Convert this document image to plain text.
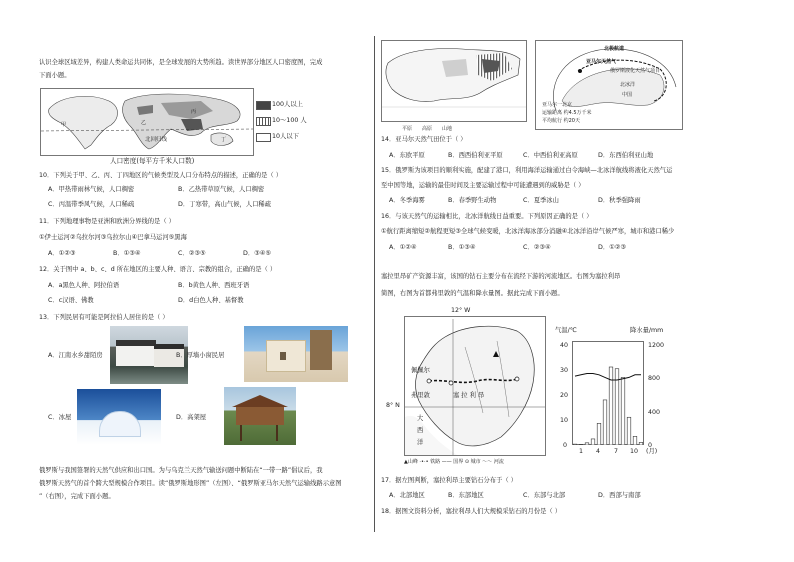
认识全球区域差异，构建人类命运共同体，是全球发展的大势所趋。读世界部分地区人口密度图，完成
下面小题。
甲	乙
丙
丁
北回归线
100人以上
10～100 人
10人以下
人口密度(每平方千米人口数)
10．下列关于甲、乙、丙、丁四地区的气候类型及人口分布特点的描述，正确的是（ ）
A．甲热带雨林气候，人口稠密	B．乙热带草原气候，人口稠密
C．丙温带季风气候，人口稀疏	D．丁寒带，高山气候，人口稀疏
11．下列地理事物是亚洲和欧洲分界线的是（ ）
①伊士运河②乌拉尔河③乌拉尔山④巴拿马运河⑤黑海
A．①②③	B．①③④	C．②③⑤	D．③④⑤
12．关于图中 a、b、c、d 所在地区的主要人种、语言、宗教的组合，正确的是（ ）
A．a黑色人种、阿拉伯语	B．b黄色人种、西班牙语
C．c汉语、佛教	D．d白色人种、基督教
13．下列民居有可能是阿拉伯人居住的是（ ）
A．江南水乡甜陌房	B．厚墙小窗民居
C．冰屋	D．高架屋
俄罗斯与我国签署的天然气供应和出口国。为与乌克兰天然气输送问题中断陆在“一带一路”倡议后，我
俄罗斯天然气的首个跨大型规模合作项目。读“俄罗斯地形图”（左图）、“俄罗斯亚马尔天然气运输线路示意图
”（右图），完成下面小题。
平原 高原 山地
北极航道
亚马尔天然气
俄罗斯液化天然气项目
北冰洋
中国
亚马尔一北京
运输距离 约4.5万千米
平均航行 约20天
14．亚马尔天然气田位于（ ）
A．东欧平原	B．西西伯利亚平原	C．中西伯利亚高原	D．东西伯利亚山地
15．俄罗斯为该项目的顺利实施，配建了港口，利用海洋运输通过白令海峡—北冰洋航线将液化天然气运
至中国等地，运输的最佳时间及主要运输过程中可能遭遇到的威胁是（ ）
A．冬季海雾	B．春季野生动物	C．夏季冰山	D．秋季强降雨
16．与该天然气的运输相比，北冰洋航线日益重要。下列原因正确的是（ ）
①航行距离缩短②航程更短③全球气候变暖，北冰洋海冰部分消融④北冰洋沿岸气候严寒，城市和港口稀少
A．①②④	B．①③④	C．②③④	D．①②③
塞拉里昂矿产资源丰富，该国的钻石主要分布在流经下游的河流地区。右图为塞拉利昂
简图，右图为首都弗里敦的气温和降水量图。据此完成下面小题。
12° W
佩佩尔
弗里敦	塞 拉 利 昂
大
西
洋
8° N
▲山峰 ·•·• 铁路 —— 国界 ⊙ 城市 ～～ 河流
气温/℃	降水量/mm
40
30
20
10
0
1200
800
400
0
1 4 7 10 (月)
17．据左图判断，塞拉利昂主要钻石分布于（ ）
A．北部地区	B．东部地区	C．东部与北部	D．西部与南部
18．据图文资料分析，塞拉利昂人们大规模采钻石的月份是（ ）
